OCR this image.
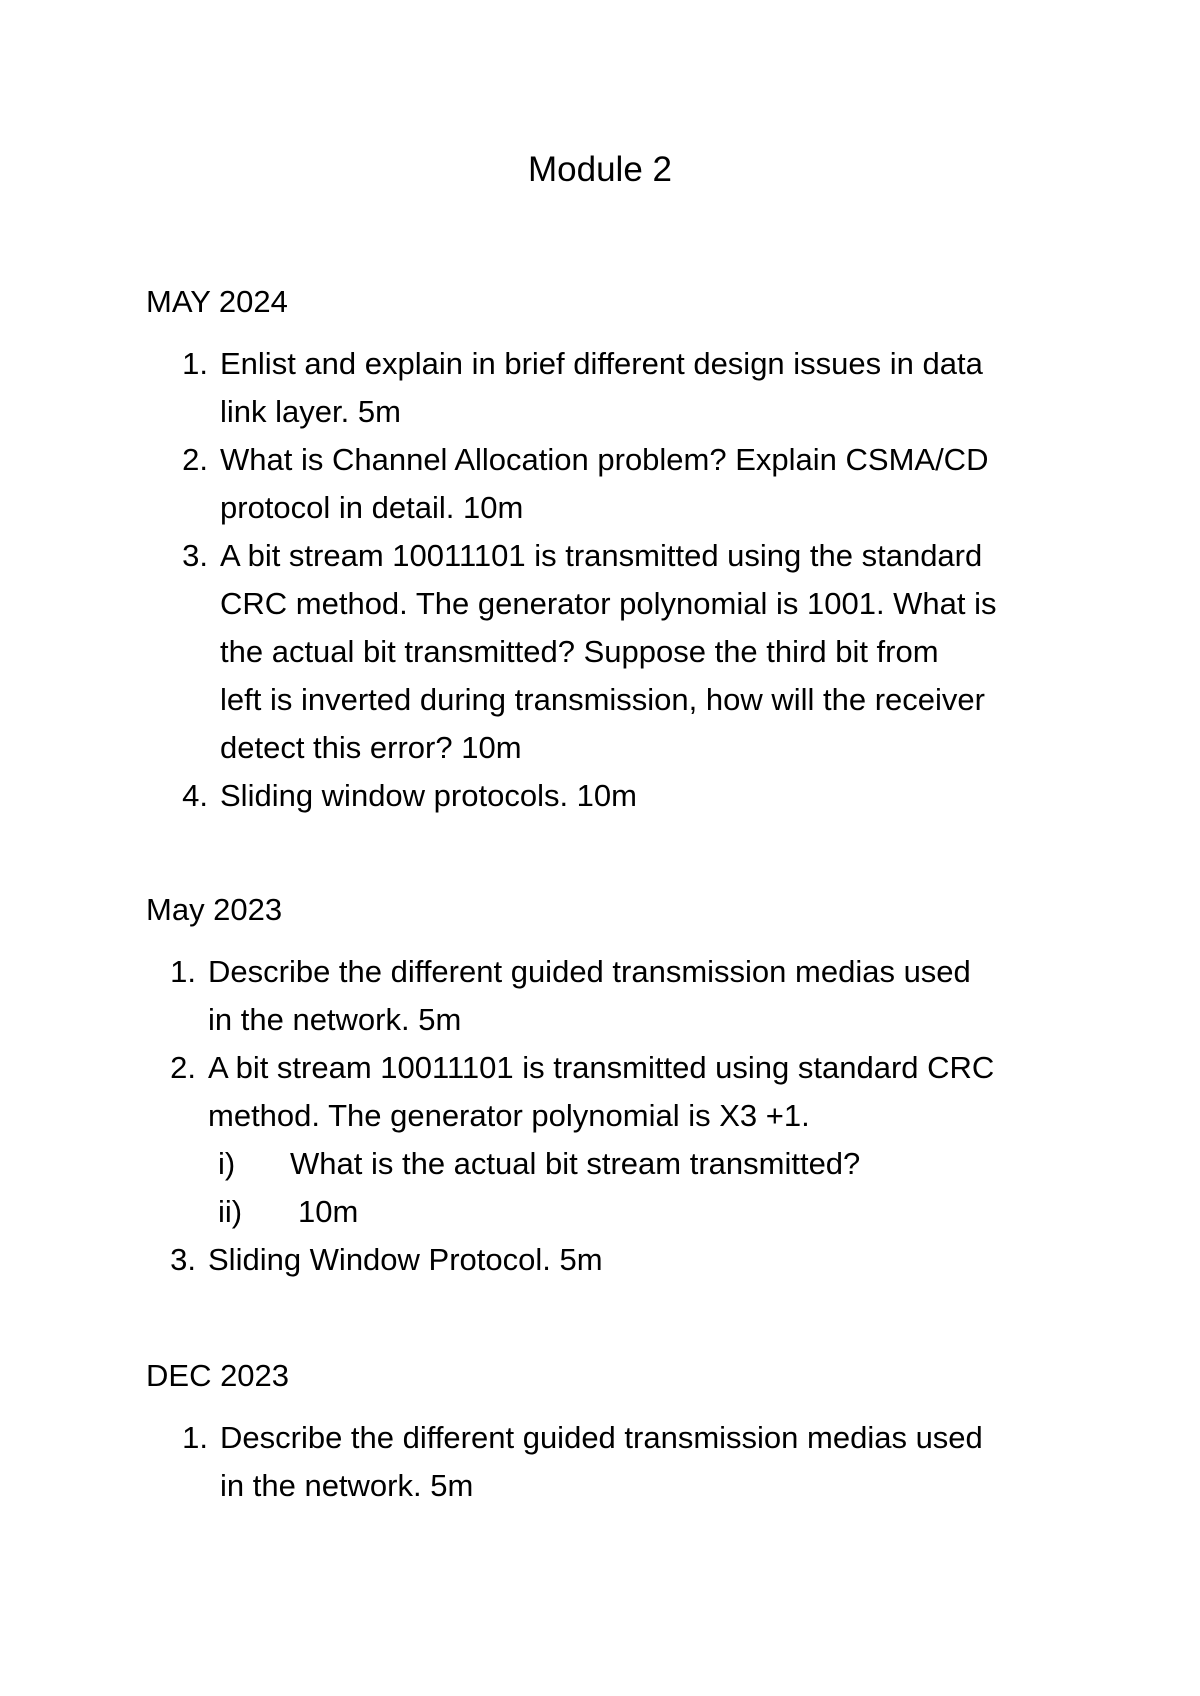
Module 2
MAY 2024
1. Enlist and explain in brief different design issues in data
link layer. 5m
2. What is Channel Allocation problem? Explain CSMA/CD
protocol in detail. 10m
3. A bit stream 10011101 is transmitted using the standard
CRC method. The generator polynomial is 1001. What is
the actual bit transmitted? Suppose the third bit from
left is inverted during transmission, how will the receiver
detect this error? 10m
4. Sliding window protocols. 10m
May 2023
1. Describe the different guided transmission medias used
in the network. 5m
2. A bit stream 10011101 is transmitted using standard CRC
method. The generator polynomial is X3 +1.
i) What is the actual bit stream transmitted?
ii) 10m
3. Sliding Window Protocol. 5m
DEC 2023
1. Describe the different guided transmission medias used
in the network. 5m
